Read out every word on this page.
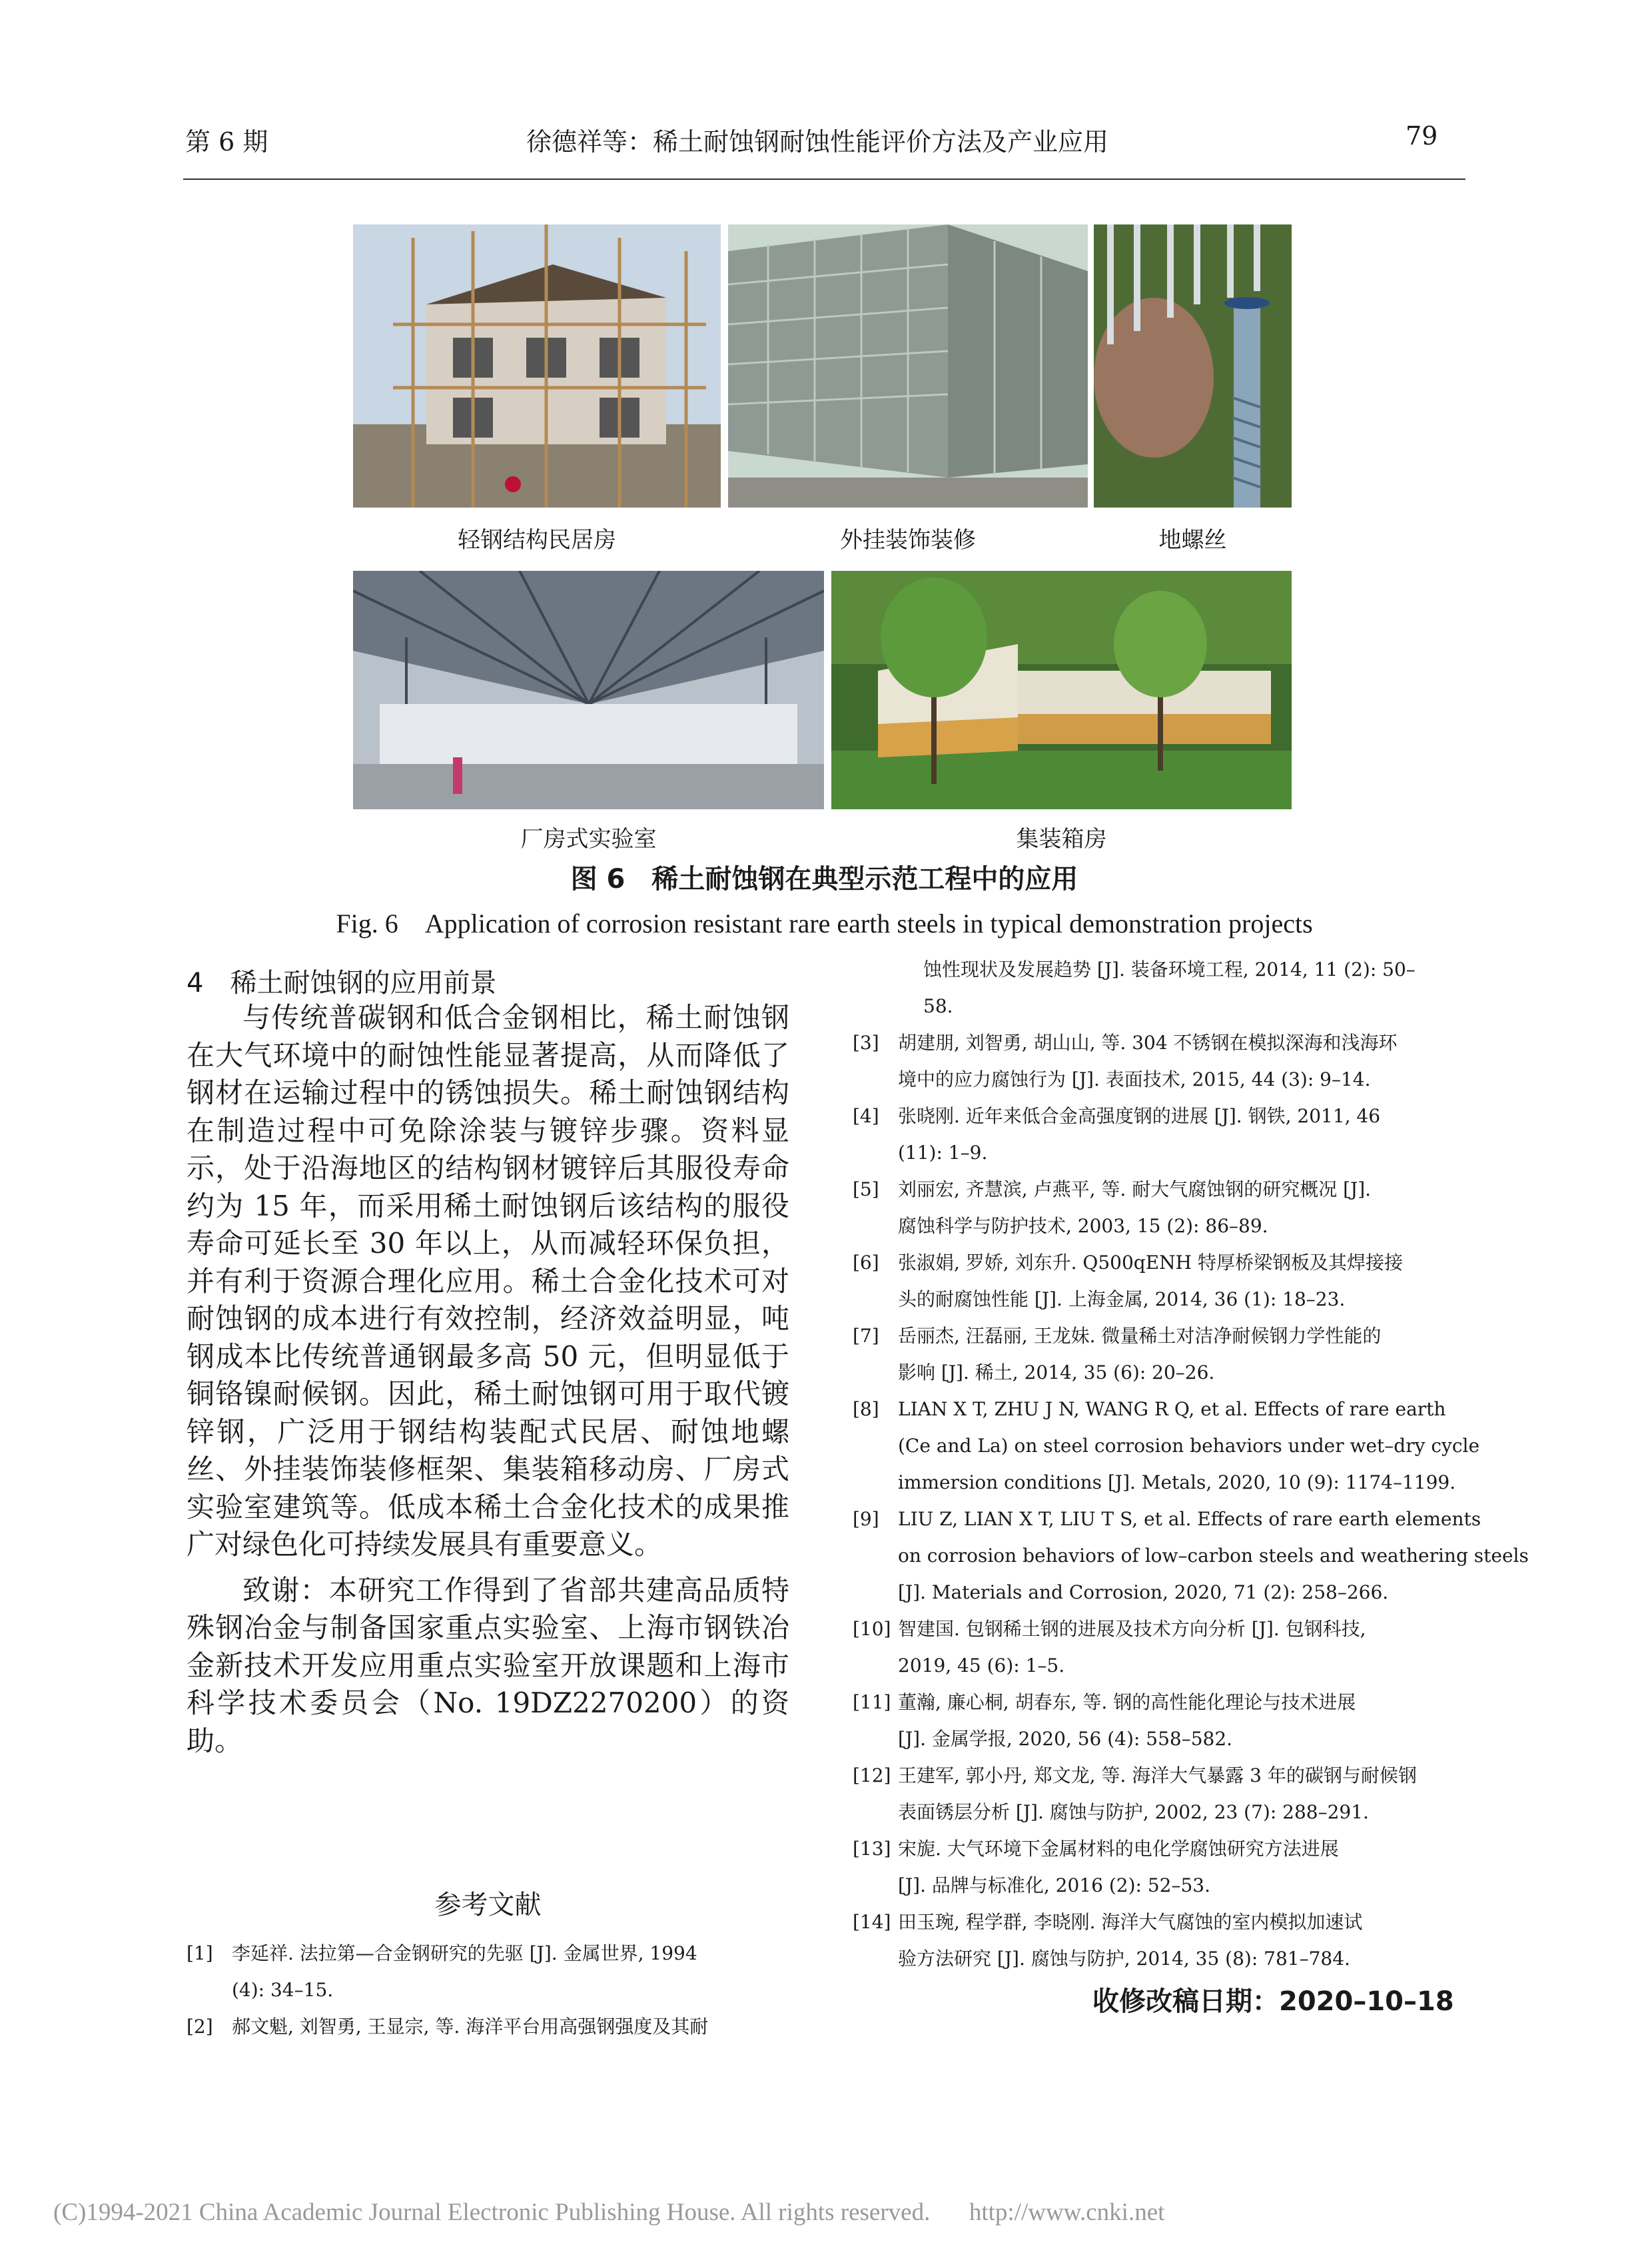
第 6 期	徐德祥等：稀土耐蚀钢耐蚀性能评价方法及产业应用	79
轻钢结构民居房	外挂装饰装修	地螺丝
厂房式实验室	集装箱房
图 6　稀土耐蚀钢在典型示范工程中的应用
Fig. 6　Application of corrosion resistant rare earth steels in typical demonstration projects
4　稀土耐蚀钢的应用前景

与传统普碳钢和低合金钢相比，稀土耐蚀钢在大气环境中的耐蚀性能显著提高，从而降低了钢材在运输过程中的锈蚀损失。稀土耐蚀钢结构在制造过程中可免除涂装与镀锌步骤。资料显示，处于沿海地区的结构钢材镀锌后其服役寿命约为 15 年，而采用稀土耐蚀钢后该结构的服役寿命可延长至 30 年以上，从而减轻环保负担，并有利于资源合理化应用。稀土合金化技术可对耐蚀钢的成本进行有效控制，经济效益明显，吨钢成本比传统普通钢最多高 50 元，但明显低于铜铬镍耐候钢。因此，稀土耐蚀钢可用于取代镀锌钢，广泛用于钢结构装配式民居、耐蚀地螺丝、外挂装饰装修框架、集装箱移动房、厂房式实验室建筑等。低成本稀土合金化技术的成果推广对绿色化可持续发展具有重要意义。

致谢：本研究工作得到了省部共建高品质特殊钢冶金与制备国家重点实验室、上海市钢铁冶金新技术开发应用重点实验室开放课题和上海市科学技术委员会（No. 19DZ2270200）的资助。

参考文献
[1] 李延祥. 法拉第—合金钢研究的先驱 [J]. 金属世界, 1994
(4): 34–15.
[2] 郝文魁, 刘智勇, 王显宗, 等. 海洋平台用高强钢强度及其耐
蚀性现状及发展趋势 [J]. 装备环境工程, 2014, 11 (2): 50–
58.
[3] 胡建朋, 刘智勇, 胡山山, 等. 304 不锈钢在模拟深海和浅海环
境中的应力腐蚀行为 [J]. 表面技术, 2015, 44 (3): 9–14.
[4] 张晓刚. 近年来低合金高强度钢的进展 [J]. 钢铁, 2011, 46
(11): 1–9.
[5] 刘丽宏, 齐慧滨, 卢燕平, 等. 耐大气腐蚀钢的研究概况 [J].
腐蚀科学与防护技术, 2003, 15 (2): 86–89.
[6] 张淑娟, 罗娇, 刘东升. Q500qENH 特厚桥梁钢板及其焊接接
头的耐腐蚀性能 [J]. 上海金属, 2014, 36 (1): 18–23.
[7] 岳丽杰, 汪磊丽, 王龙妹. 微量稀土对洁净耐候钢力学性能的
影响 [J]. 稀土, 2014, 35 (6): 20–26.
[8] LIAN X T, ZHU J N, WANG R Q, et al. Effects of rare earth
(Ce and La) on steel corrosion behaviors under wet–dry cycle
immersion conditions [J]. Metals, 2020, 10 (9): 1174–1199.
[9] LIU Z, LIAN X T, LIU T S, et al. Effects of rare earth elements
on corrosion behaviors of low–carbon steels and weathering steels
[J]. Materials and Corrosion, 2020, 71 (2): 258–266.
[10] 智建国. 包钢稀土钢的进展及技术方向分析 [J]. 包钢科技,
2019, 45 (6): 1–5.
[11] 董瀚, 廉心桐, 胡春东, 等. 钢的高性能化理论与技术进展
[J]. 金属学报, 2020, 56 (4): 558–582.
[12] 王建军, 郭小丹, 郑文龙, 等. 海洋大气暴露 3 年的碳钢与耐候钢
表面锈层分析 [J]. 腐蚀与防护, 2002, 23 (7): 288–291.
[13] 宋旎. 大气环境下金属材料的电化学腐蚀研究方法进展
[J]. 品牌与标准化, 2016 (2): 52–53.
[14] 田玉琬, 程学群, 李晓刚. 海洋大气腐蚀的室内模拟加速试
验方法研究 [J]. 腐蚀与防护, 2014, 35 (8): 781–784.
收修改稿日期：2020–10–18
(C)1994-2021 China Academic Journal Electronic Publishing House. All rights reserved. http://www.cnki.net
